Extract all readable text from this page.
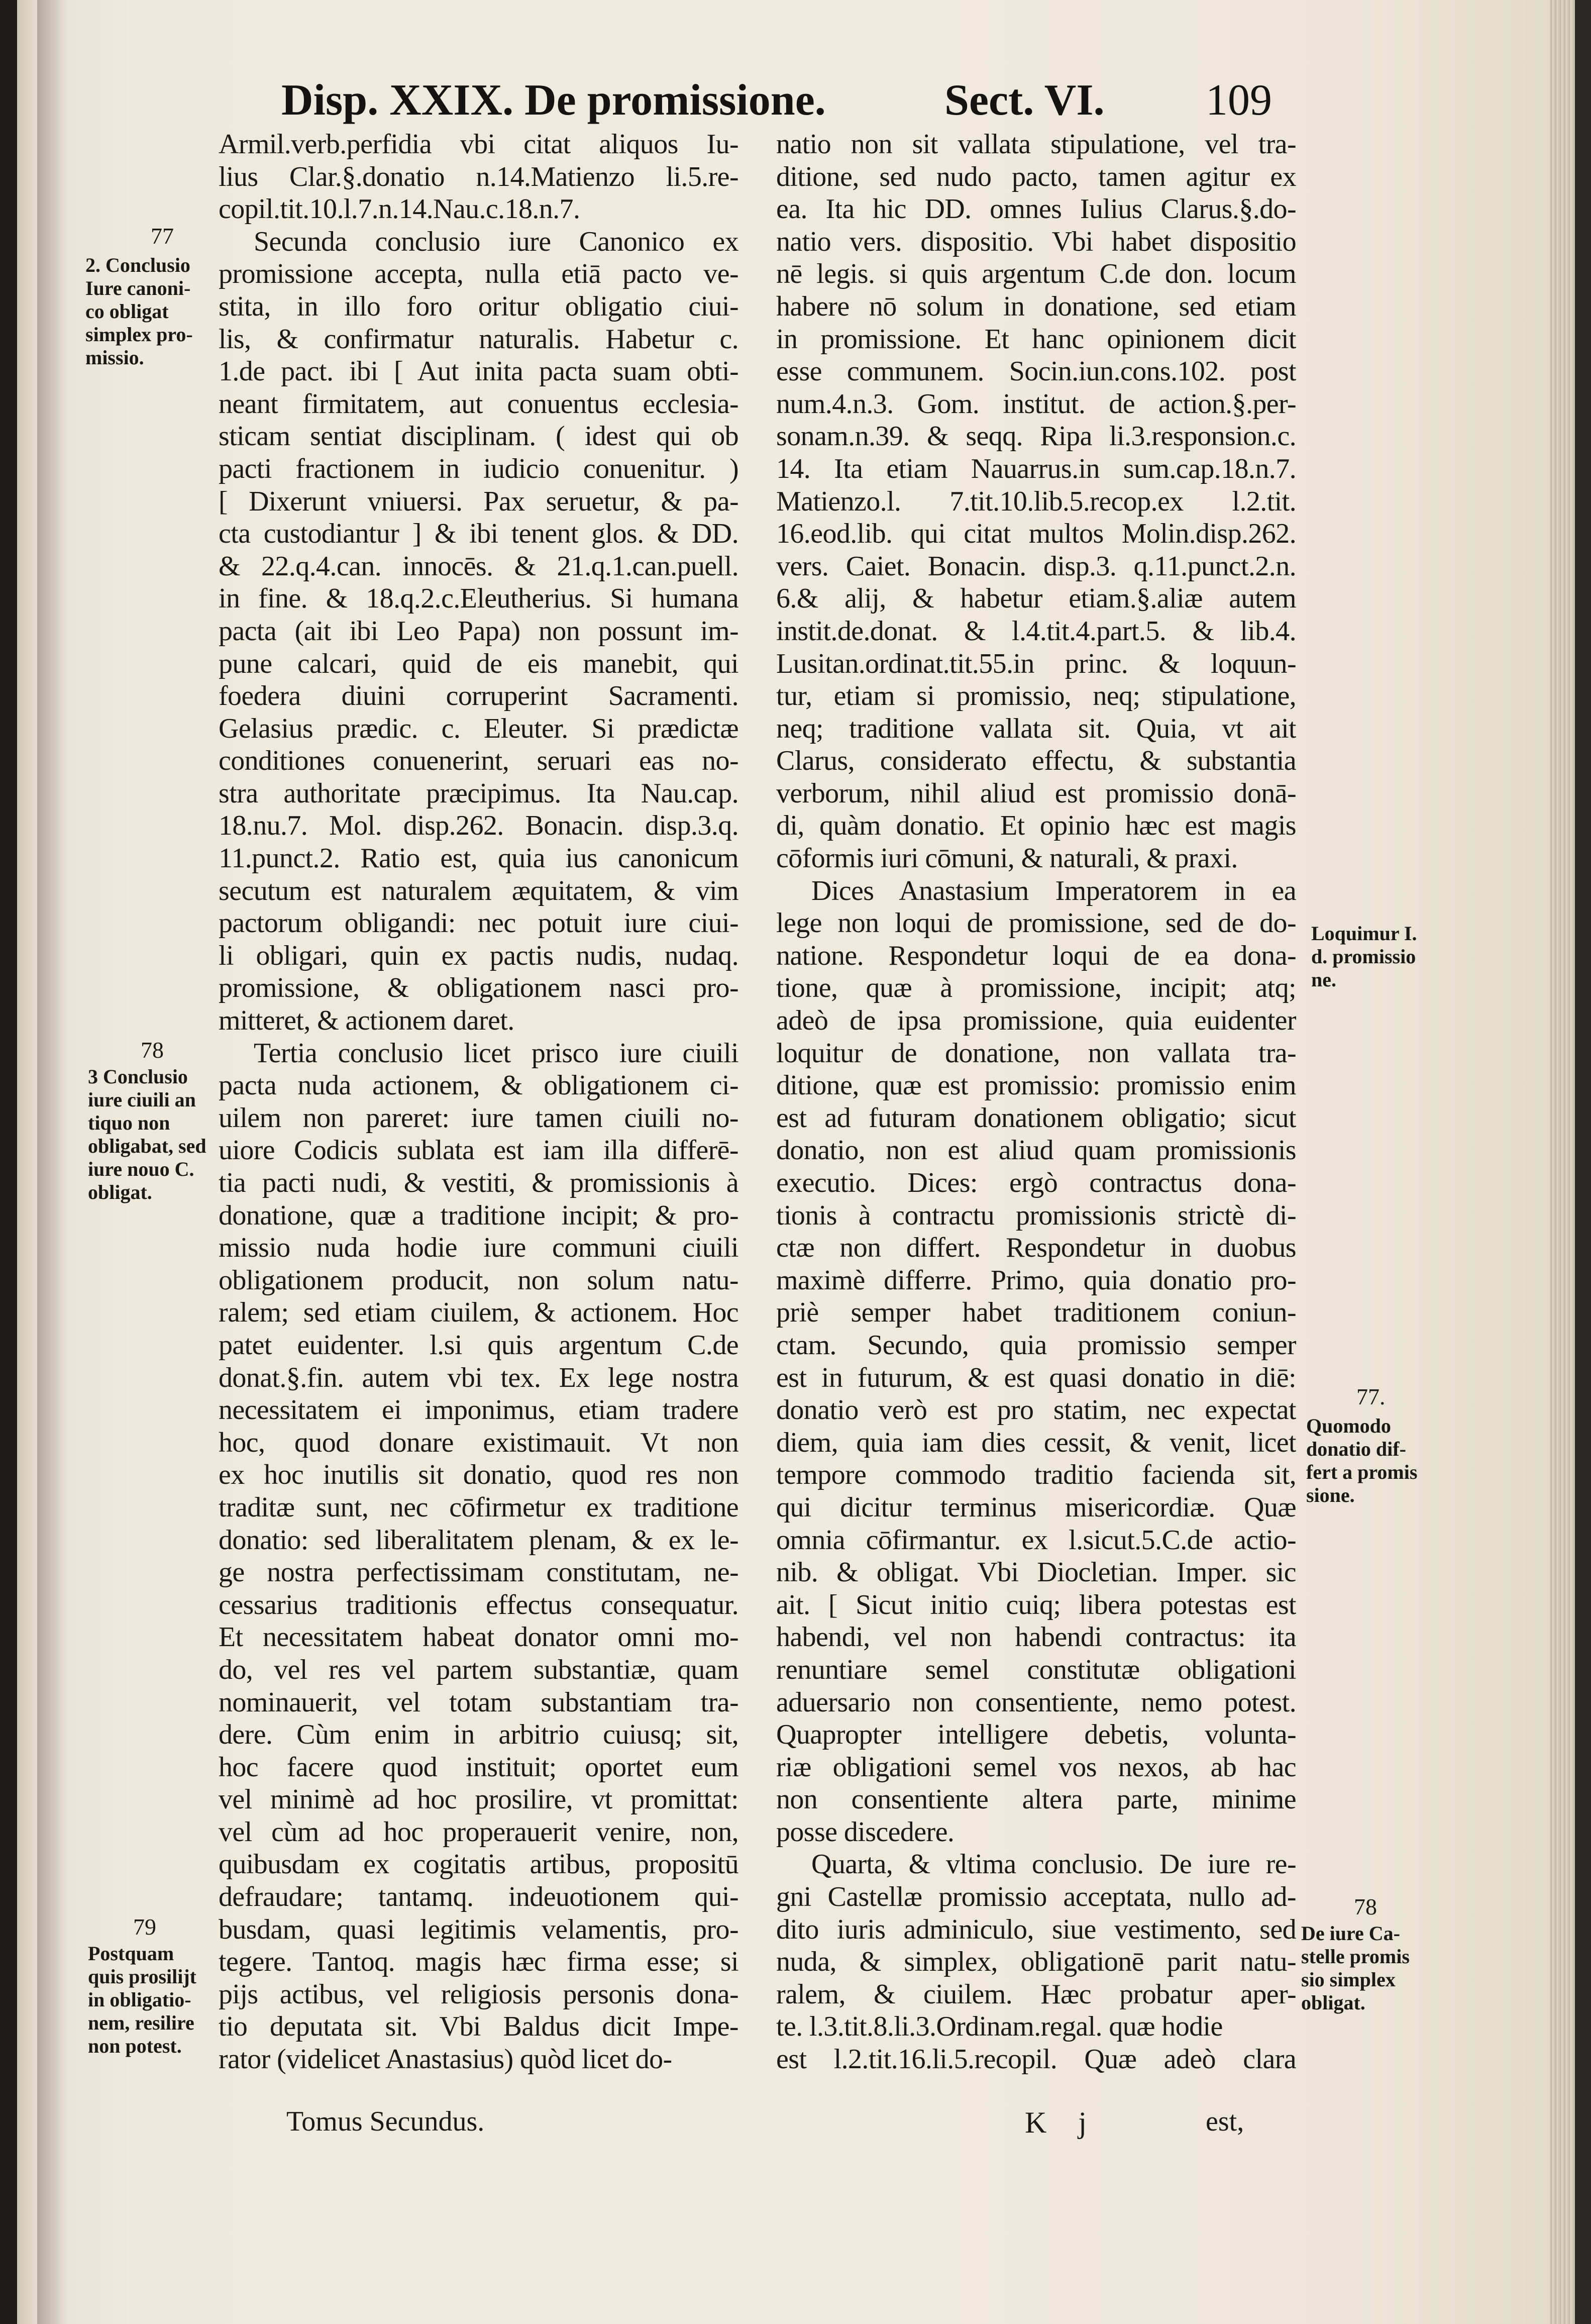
Disp. XXIX. De promissione.	Sect. VI. 109
Armil.verb.perfidia vbi citat aliquos Iu-
lius Clar.§.donatio n.14.Matienzo li.5.re-
copil.tit.10.l.7.n.14.Nau.c.18.n.7.
Secunda conclusio iure Canonico ex
promissione accepta, nulla etiā pacto ve-
stita, in illo foro oritur obligatio ciui-
lis, & confirmatur naturalis. Habetur c.
1.de pact. ibi [ Aut inita pacta suam obti-
neant firmitatem, aut conuentus ecclesia-
sticam sentiat disciplinam. ( idest qui ob
pacti fractionem in iudicio conuenitur. )
[ Dixerunt vniuersi. Pax seruetur, & pa-
cta custodiantur ] & ibi tenent glos. & DD.
& 22.q.4.can. innocēs. & 21.q.1.can.puell.
in fine. & 18.q.2.c.Eleutherius. Si humana
pacta (ait ibi Leo Papa) non possunt im-
pune calcari, quid de eis manebit, qui
foedera diuini corruperint Sacramenti.
Gelasius prædic. c. Eleuter. Si prædictæ
conditiones conuenerint, seruari eas no-
stra authoritate præcipimus. Ita Nau.cap.
18.nu.7. Mol. disp.262. Bonacin. disp.3.q.
11.punct.2. Ratio est, quia ius canonicum
secutum est naturalem æquitatem, & vim
pactorum obligandi: nec potuit iure ciui-
li obligari, quin ex pactis nudis, nudaq.
promissione, & obligationem nasci pro-
mitteret, & actionem daret.
Tertia conclusio licet prisco iure ciuili
pacta nuda actionem, & obligationem ci-
uilem non pareret: iure tamen ciuili no-
uiore Codicis sublata est iam illa differē-
tia pacti nudi, & vestiti, & promissionis à
donatione, quæ a traditione incipit; & pro-
missio nuda hodie iure communi ciuili
obligationem producit, non solum natu-
ralem; sed etiam ciuilem, & actionem. Hoc
patet euidenter. l.si quis argentum C.de
donat.§.fin. autem vbi tex. Ex lege nostra
necessitatem ei imponimus, etiam tradere
hoc, quod donare existimauit. Vt non
ex hoc inutilis sit donatio, quod res non
traditæ sunt, nec cōfirmetur ex traditione
donatio: sed liberalitatem plenam, & ex le-
ge nostra perfectissimam constitutam, ne-
cessarius traditionis effectus consequatur.
Et necessitatem habeat donator omni mo-
do, vel res vel partem substantiæ, quam
nominauerit, vel totam substantiam tra-
dere. Cùm enim in arbitrio cuiusq; sit,
hoc facere quod instituit; oportet eum
vel minimè ad hoc prosilire, vt promittat:
vel cùm ad hoc properauerit venire, non,
quibusdam ex cogitatis artibus, propositū
defraudare; tantamq. indeuotionem qui-
busdam, quasi legitimis velamentis, pro-
tegere. Tantoq. magis hæc firma esse; si
pijs actibus, vel religiosis personis dona-
tio deputata sit. Vbi Baldus dicit Impe-
rator (videlicet Anastasius) quòd licet do-
natio non sit vallata stipulatione, vel tra-
ditione, sed nudo pacto, tamen agitur ex
ea. Ita hic DD. omnes Iulius Clarus.§.do-
natio vers. dispositio. Vbi habet dispositio
nē legis. si quis argentum C.de don. locum
habere nō solum in donatione, sed etiam
in promissione. Et hanc opinionem dicit
esse communem. Socin.iun.cons.102. post
num.4.n.3. Gom. institut. de action.§.per-
sonam.n.39. & seqq. Ripa li.3.responsion.c.
14. Ita etiam Nauarrus.in sum.cap.18.n.7.
Matienzo.l. 7.tit.10.lib.5.recop.ex l.2.tit.
16.eod.lib. qui citat multos Molin.disp.262.
vers. Caiet. Bonacin. disp.3. q.11.punct.2.n.
6.& alij, & habetur etiam.§.aliæ autem
instit.de.donat. & l.4.tit.4.part.5. & lib.4.
Lusitan.ordinat.tit.55.in princ. & loquun-
tur, etiam si promissio, neq; stipulatione,
neq; traditione vallata sit. Quia, vt ait
Clarus, considerato effectu, & substantia
verborum, nihil aliud est promissio donā-
di, quàm donatio. Et opinio hæc est magis
cōformis iuri cōmuni, & naturali, & praxi.
Dices Anastasium Imperatorem in ea
lege non loqui de promissione, sed de do-
natione. Respondetur loqui de ea dona-
tione, quæ à promissione, incipit; atq;
adeò de ipsa promissione, quia euidenter
loquitur de donatione, non vallata tra-
ditione, quæ est promissio: promissio enim
est ad futuram donationem obligatio; sicut
donatio, non est aliud quam promissionis
executio. Dices: ergò contractus dona-
tionis à contractu promissionis strictè di-
ctæ non differt. Respondetur in duobus
maximè differre. Primo, quia donatio pro-
priè semper habet traditionem coniun-
ctam. Secundo, quia promissio semper
est in futurum, & est quasi donatio in diē:
donatio verò est pro statim, nec expectat
diem, quia iam dies cessit, & venit, licet
tempore commodo traditio facienda sit,
qui dicitur terminus misericordiæ. Quæ
omnia cōfirmantur. ex l.sicut.5.C.de actio-
nib. & obligat. Vbi Diocletian. Imper. sic
ait. [ Sicut initio cuiq; libera potestas est
habendi, vel non habendi contractus: ita
renuntiare semel constitutæ obligationi
aduersario non consentiente, nemo potest.
Quapropter intelligere debetis, volunta-
riæ obligationi semel vos nexos, ab hac
non consentiente altera parte, minime
posse discedere.
Quarta, & vltima conclusio. De iure re-
gni Castellæ promissio acceptata, nullo ad-
dito iuris adminiculo, siue vestimento, sed
nuda, & simplex, obligationē parit natu-
ralem, & ciuilem. Hæc probatur aper-
te. l.3.tit.8.li.3.Ordinam.regal. quæ hodie
est l.2.tit.16.li.5.recopil. Quæ adeò clara
77
2. Conclusio
Iure canoni-
co obligat
simplex pro-
missio.
78
3 Conclusio
iure ciuili an
tiquo non
obligabat, sed
iure nouo C.
obligat.
79
Postquam
quis prosilijt
in obligatio-
nem, resilire
non potest.
Loquimur I.
d. promissio
ne.
77.
Quomodo
donatio dif-
fert a promis
sione.
78
De iure Ca-
stelle promis
sio simplex
obligat.
Tomus Secundus.	K j	est,
